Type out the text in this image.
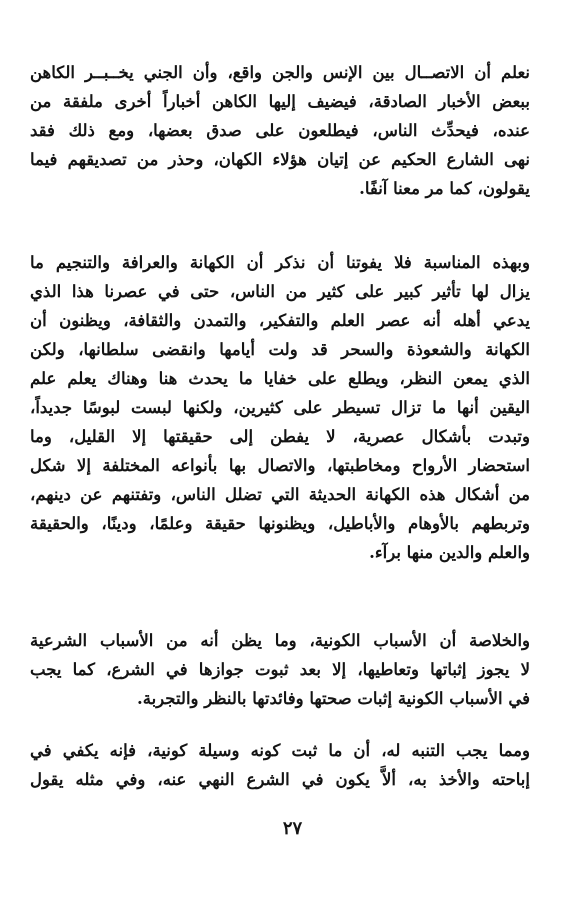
نعلم أن الاتصــال بين الإنس والجن واقع، وأن الجني يخــبــر الكاهن
ببعض الأخبار الصادقة، فيضيف إليها الكاهن أخباراً أخرى ملفقة من
عنده، فيحدِّث الناس، فيطلعون على صدق بعضها، ومع ذلك فقد
نهى الشارع الحكيم عن إتيان هؤلاء الكهان، وحذر من تصديقهم فيما
يقولون، كما مر معنا آنفًا.
وبهذه المناسبة فلا يفوتنا أن نذكر أن الكهانة والعرافة والتنجيم ما
يزال لها تأثير كبير على كثير من الناس، حتى في عصرنا هذا الذي
يدعي أهله أنه عصر العلم والتفكير، والتمدن والثقافة، ويظنون أن
الكهانة والشعوذة والسحر قد ولت أيامها وانقضى سلطانها، ولكن
الذي يمعن النظر، ويطلع على خفايا ما يحدث هنا وهناك يعلم علم
اليقين أنها ما تزال تسيطر على كثيرين، ولكنها لبست لبوسًا جديداً،
وتبدت بأشكال عصرية، لا يفطن إلى حقيقتها إلا القليل، وما
استحضار الأرواح ومخاطبتها، والاتصال بها بأنواعه المختلفة إلا شكل
من أشكال هذه الكهانة الحديثة التي تضلل الناس، وتفتنهم عن دينهم،
وتربطهم بالأوهام والأباطيل، ويظنونها حقيقة وعلمًا، ودينًا، والحقيقة
والعلم والدين منها برآء.
والخلاصة أن الأسباب الكونية، وما يظن أنه من الأسباب الشرعية
لا يجوز إثباتها وتعاطيها، إلا بعد ثبوت جوازها في الشرع، كما يجب
في الأسباب الكونية إثبات صحتها وفائدتها بالنظر والتجربة.
ومما يجب التنبه له، أن ما ثبت كونه وسيلة كونية، فإنه يكفي في
إباحته والأخذ به، ألاَّ يكون في الشرع النهي عنه، وفي مثله يقول
٢٧
